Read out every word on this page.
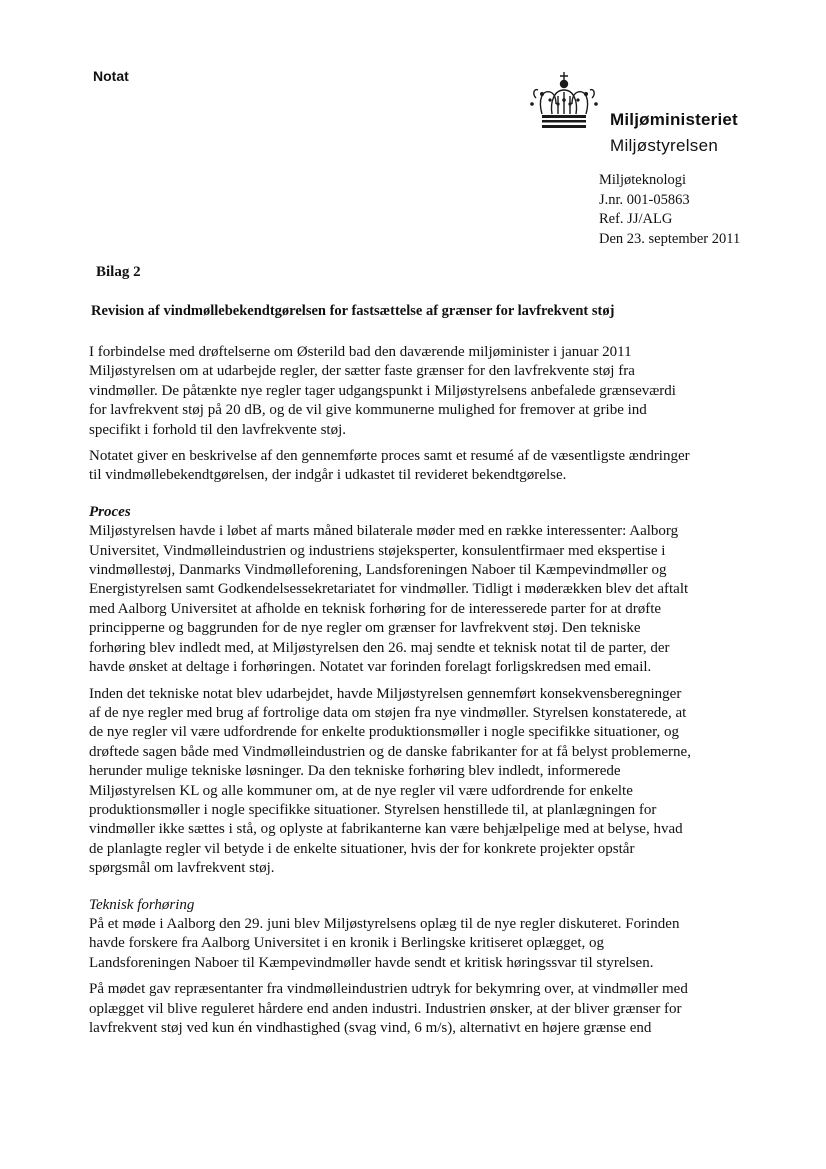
Notat

Miljøministeriet

Miljøstyrelsen

Miljøteknologi
J.nr. 001-05863
Ref. JJ/ALG
Den 23. september 2011

Bilag 2

Revision af vindmøllebekendtgørelsen for fastsættelse af grænser for lavfrekvent støj

I forbindelse med drøftelserne om Østerild bad den daværende miljøminister i januar 2011
Miljøstyrelsen om at udarbejde regler, der sætter faste grænser for den lavfrekvente støj fra
vindmøller. De påtænkte nye regler tager udgangspunkt i Miljøstyrelsens anbefalede grænseværdi
for lavfrekvent støj på 20 dB, og de vil give kommunerne mulighed for fremover at gribe ind
specifikt i forhold til den lavfrekvente støj.

Notatet giver en beskrivelse af den gennemførte proces samt et resumé af de væsentligste ændringer
til vindmøllebekendtgørelsen, der indgår i udkastet til revideret bekendtgørelse.

Proces

Miljøstyrelsen havde i løbet af marts måned bilaterale møder med en række interessenter: Aalborg
Universitet, Vindmølleindustrien og industriens støjeksperter, konsulentfirmaer med ekspertise i
vindmøllestøj, Danmarks Vindmølleforening, Landsforeningen Naboer til Kæmpevindmøller og
Energistyrelsen samt Godkendelsessekretariatet for vindmøller. Tidligt i møderækken blev det aftalt
med Aalborg Universitet at afholde en teknisk forhøring for de interesserede parter for at drøfte
principperne og baggrunden for de nye regler om grænser for lavfrekvent støj. Den tekniske
forhøring blev indledt med, at Miljøstyrelsen den 26. maj sendte et teknisk notat til de parter, der
havde ønsket at deltage i forhøringen. Notatet var forinden forelagt forligskredsen med email.

Inden det tekniske notat blev udarbejdet, havde Miljøstyrelsen gennemført konsekvensberegninger
af de nye regler med brug af fortrolige data om støjen fra nye vindmøller. Styrelsen konstaterede, at
de nye regler vil være udfordrende for enkelte produktionsmøller i nogle specifikke situationer, og
drøftede sagen både med Vindmølleindustrien og de danske fabrikanter for at få belyst problemerne,
herunder mulige tekniske løsninger. Da den tekniske forhøring blev indledt, informerede
Miljøstyrelsen KL og alle kommuner om, at de nye regler vil være udfordrende for enkelte
produktionsmøller i nogle specifikke situationer. Styrelsen henstillede til, at planlægningen for
vindmøller ikke sættes i stå, og oplyste at fabrikanterne kan være behjælpelige med at belyse, hvad
de planlagte regler vil betyde i de enkelte situationer, hvis der for konkrete projekter opstår
spørgsmål om lavfrekvent støj.

Teknisk forhøring

På et møde i Aalborg den 29. juni blev Miljøstyrelsens oplæg til de nye regler diskuteret. Forinden
havde forskere fra Aalborg Universitet i en kronik i Berlingske kritiseret oplægget, og
Landsforeningen Naboer til Kæmpevindmøller havde sendt et kritisk høringssvar til styrelsen.

På mødet gav repræsentanter fra vindmølleindustrien udtryk for bekymring over, at vindmøller med
oplægget vil blive reguleret hårdere end anden industri. Industrien ønsker, at der bliver grænser for
lavfrekvent støj ved kun én vindhastighed (svag vind, 6 m/s), alternativt en højere grænse end
